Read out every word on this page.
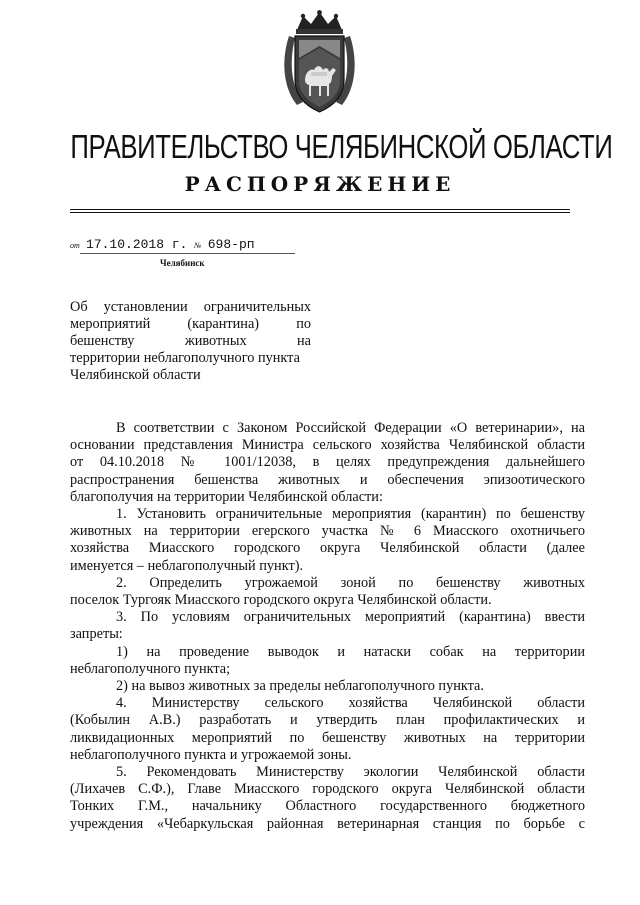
ПРАВИТЕЛЬСТВО ЧЕЛЯБИНСКОЙ ОБЛАСТИ
РАСПОРЯЖЕНИЕ
от 17.10.2018 г. № 698-рп
Челябинск
Об установлении ограничительных
мероприятий (карантина) по
бешенству животных на
территории неблагополучного пункта
Челябинской области
В соответствии с Законом Российской Федерации «О ветеринарии», на
основании представления Министра сельского хозяйства Челябинской области
от 04.10.2018 № 1001/12038, в целях предупреждения дальнейшего
распространения бешенства животных и обеспечения эпизоотического
благополучия на территории Челябинской области:
1. Установить ограничительные мероприятия (карантин) по бешенству
животных на территории егерского участка № 6 Миасского охотничьего
хозяйства Миасского городского округа Челябинской области (далее
именуется – неблагополучный пункт).
2. Определить угрожаемой зоной по бешенству животных
поселок Тургояк Миасского городского округа Челябинской области.
3. По условиям ограничительных мероприятий (карантина) ввести
запреты:
1) на проведение выводок и натаски собак на территории
неблагополучного пункта;
2) на вывоз животных за пределы неблагополучного пункта.
4. Министерству сельского хозяйства Челябинской области
(Кобылин А.В.) разработать и утвердить план профилактических и
ликвидационных мероприятий по бешенству животных на территории
неблагополучного пункта и угрожаемой зоны.
5. Рекомендовать Министерству экологии Челябинской области
(Лихачев С.Ф.), Главе Миасского городского округа Челябинской области
Тонких Г.М., начальнику Областного государственного бюджетного
учреждения «Чебаркульская районная ветеринарная станция по борьбе с
